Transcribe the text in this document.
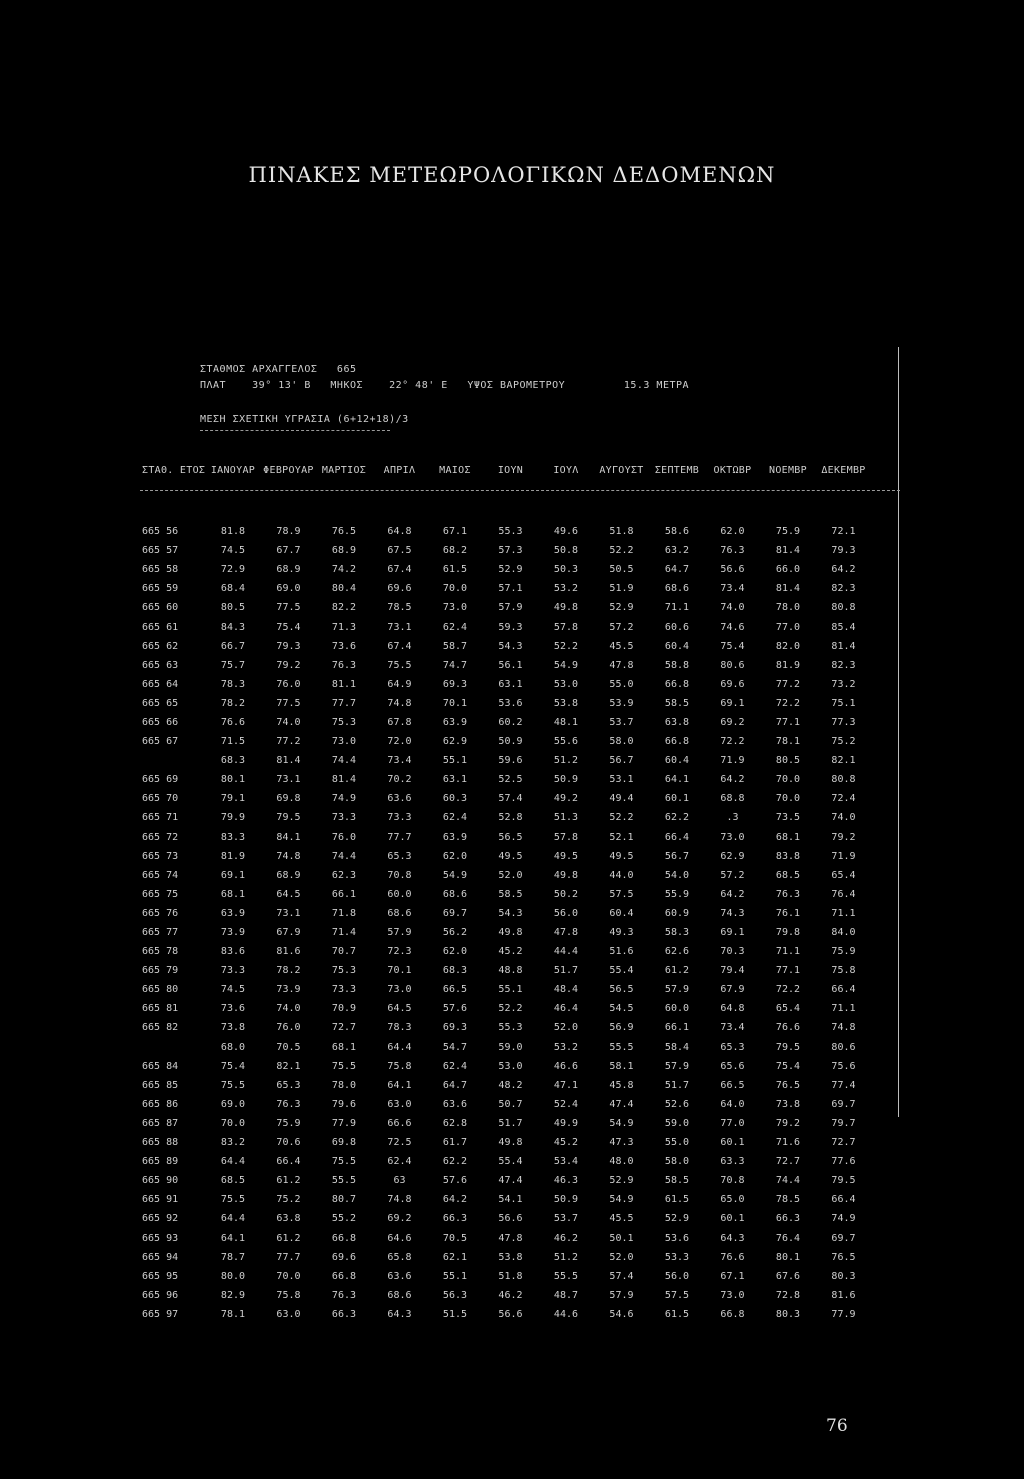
ΠΙΝΑΚΕΣ ΜΕΤΕΩΡΟΛΟΓΙΚΩΝ ΔΕΔΟΜΕΝΩΝ
ΣΤΑΘΜΟΣ ΑΡΧΑΓΓΕΛΟΣ   665
ΠΛΑΤ    39° 13' Β   ΜΗΚΟΣ    22° 48' Ε   ΥΨΟΣ ΒΑΡΟΜΕΤΡΟΥ         15.3 ΜΕΤΡΑ
ΜΕΣΗ ΣΧΕΤΙΚΗ ΥΓΡΑΣΙΑ (6+12+18)/3
ΣΤΑΘ. ΕΤΟΣ	ΙΑΝΟΥΑΡ	ΦΕΒΡΟΥΑΡ	ΜΑΡΤΙΟΣ	ΑΠΡΙΛ	ΜΑΙΟΣ	ΙΟΥΝ	ΙΟΥΛ	ΑΥΓΟΥΣΤ	ΣΕΠΤΕΜΒ	ΟΚΤΩΒΡ	ΝΟΕΜΒΡ	ΔΕΚΕΜΒΡ

665 56	81.8	78.9	76.5	64.8	67.1	55.3	49.6	51.8	58.6	62.0	75.9	72.1
665 57	74.5	67.7	68.9	67.5	68.2	57.3	50.8	52.2	63.2	76.3	81.4	79.3
665 58	72.9	68.9	74.2	67.4	61.5	52.9	50.3	50.5	64.7	56.6	66.0	64.2
665 59	68.4	69.0	80.4	69.6	70.0	57.1	53.2	51.9	68.6	73.4	81.4	82.3
665 60	80.5	77.5	82.2	78.5	73.0	57.9	49.8	52.9	71.1	74.0	78.0	80.8
665 61	84.3	75.4	71.3	73.1	62.4	59.3	57.8	57.2	60.6	74.6	77.0	85.4
665 62	66.7	79.3	73.6	67.4	58.7	54.3	52.2	45.5	60.4	75.4	82.0	81.4
665 63	75.7	79.2	76.3	75.5	74.7	56.1	54.9	47.8	58.8	80.6	81.9	82.3
665 64	78.3	76.0	81.1	64.9	69.3	63.1	53.0	55.0	66.8	69.6	77.2	73.2
665 65	78.2	77.5	77.7	74.8	70.1	53.6	53.8	53.9	58.5	69.1	72.2	75.1
665 66	76.6	74.0	75.3	67.8	63.9	60.2	48.1	53.7	63.8	69.2	77.1	77.3
665 67	71.5	77.2	73.0	72.0	62.9	50.9	55.6	58.0	66.8	72.2	78.1	75.2
	68.3	81.4	74.4	73.4	55.1	59.6	51.2	56.7	60.4	71.9	80.5	82.1
665 69	80.1	73.1	81.4	70.2	63.1	52.5	50.9	53.1	64.1	64.2	70.0	80.8
665 70	79.1	69.8	74.9	63.6	60.3	57.4	49.2	49.4	60.1	68.8	70.0	72.4
665 71	79.9	79.5	73.3	73.3	62.4	52.8	51.3	52.2	62.2	.3	73.5	74.0
665 72	83.3	84.1	76.0	77.7	63.9	56.5	57.8	52.1	66.4	73.0	68.1	79.2
665 73	81.9	74.8	74.4	65.3	62.0	49.5	49.5	49.5	56.7	62.9	83.8	71.9
665 74	69.1	68.9	62.3	70.8	54.9	52.0	49.8	44.0	54.0	57.2	68.5	65.4
665 75	68.1	64.5	66.1	60.0	68.6	58.5	50.2	57.5	55.9	64.2	76.3	76.4
665 76	63.9	73.1	71.8	68.6	69.7	54.3	56.0	60.4	60.9	74.3	76.1	71.1
665 77	73.9	67.9	71.4	57.9	56.2	49.8	47.8	49.3	58.3	69.1	79.8	84.0
665 78	83.6	81.6	70.7	72.3	62.0	45.2	44.4	51.6	62.6	70.3	71.1	75.9
665 79	73.3	78.2	75.3	70.1	68.3	48.8	51.7	55.4	61.2	79.4	77.1	75.8
665 80	74.5	73.9	73.3	73.0	66.5	55.1	48.4	56.5	57.9	67.9	72.2	66.4
665 81	73.6	74.0	70.9	64.5	57.6	52.2	46.4	54.5	60.0	64.8	65.4	71.1
665 82	73.8	76.0	72.7	78.3	69.3	55.3	52.0	56.9	66.1	73.4	76.6	74.8
	68.0	70.5	68.1	64.4	54.7	59.0	53.2	55.5	58.4	65.3	79.5	80.6
665 84	75.4	82.1	75.5	75.8	62.4	53.0	46.6	58.1	57.9	65.6	75.4	75.6
665 85	75.5	65.3	78.0	64.1	64.7	48.2	47.1	45.8	51.7	66.5	76.5	77.4
665 86	69.0	76.3	79.6	63.0	63.6	50.7	52.4	47.4	52.6	64.0	73.8	69.7
665 87	70.0	75.9	77.9	66.6	62.8	51.7	49.9	54.9	59.0	77.0	79.2	79.7
665 88	83.2	70.6	69.8	72.5	61.7	49.8	45.2	47.3	55.0	60.1	71.6	72.7
665 89	64.4	66.4	75.5	62.4	62.2	55.4	53.4	48.0	58.0	63.3	72.7	77.6
665 90	68.5	61.2	55.5	63	57.6	47.4	46.3	52.9	58.5	70.8	74.4	79.5
665 91	75.5	75.2	80.7	74.8	64.2	54.1	50.9	54.9	61.5	65.0	78.5	66.4
665 92	64.4	63.8	55.2	69.2	66.3	56.6	53.7	45.5	52.9	60.1	66.3	74.9
665 93	64.1	61.2	66.8	64.6	70.5	47.8	46.2	50.1	53.6	64.3	76.4	69.7
665 94	78.7	77.7	69.6	65.8	62.1	53.8	51.2	52.0	53.3	76.6	80.1	76.5
665 95	80.0	70.0	66.8	63.6	55.1	51.8	55.5	57.4	56.0	67.1	67.6	80.3
665 96	82.9	75.8	76.3	68.6	56.3	46.2	48.7	57.9	57.5	73.0	72.8	81.6
665 97	78.1	63.0	66.3	64.3	51.5	56.6	44.6	54.6	61.5	66.8	80.3	77.9
76
